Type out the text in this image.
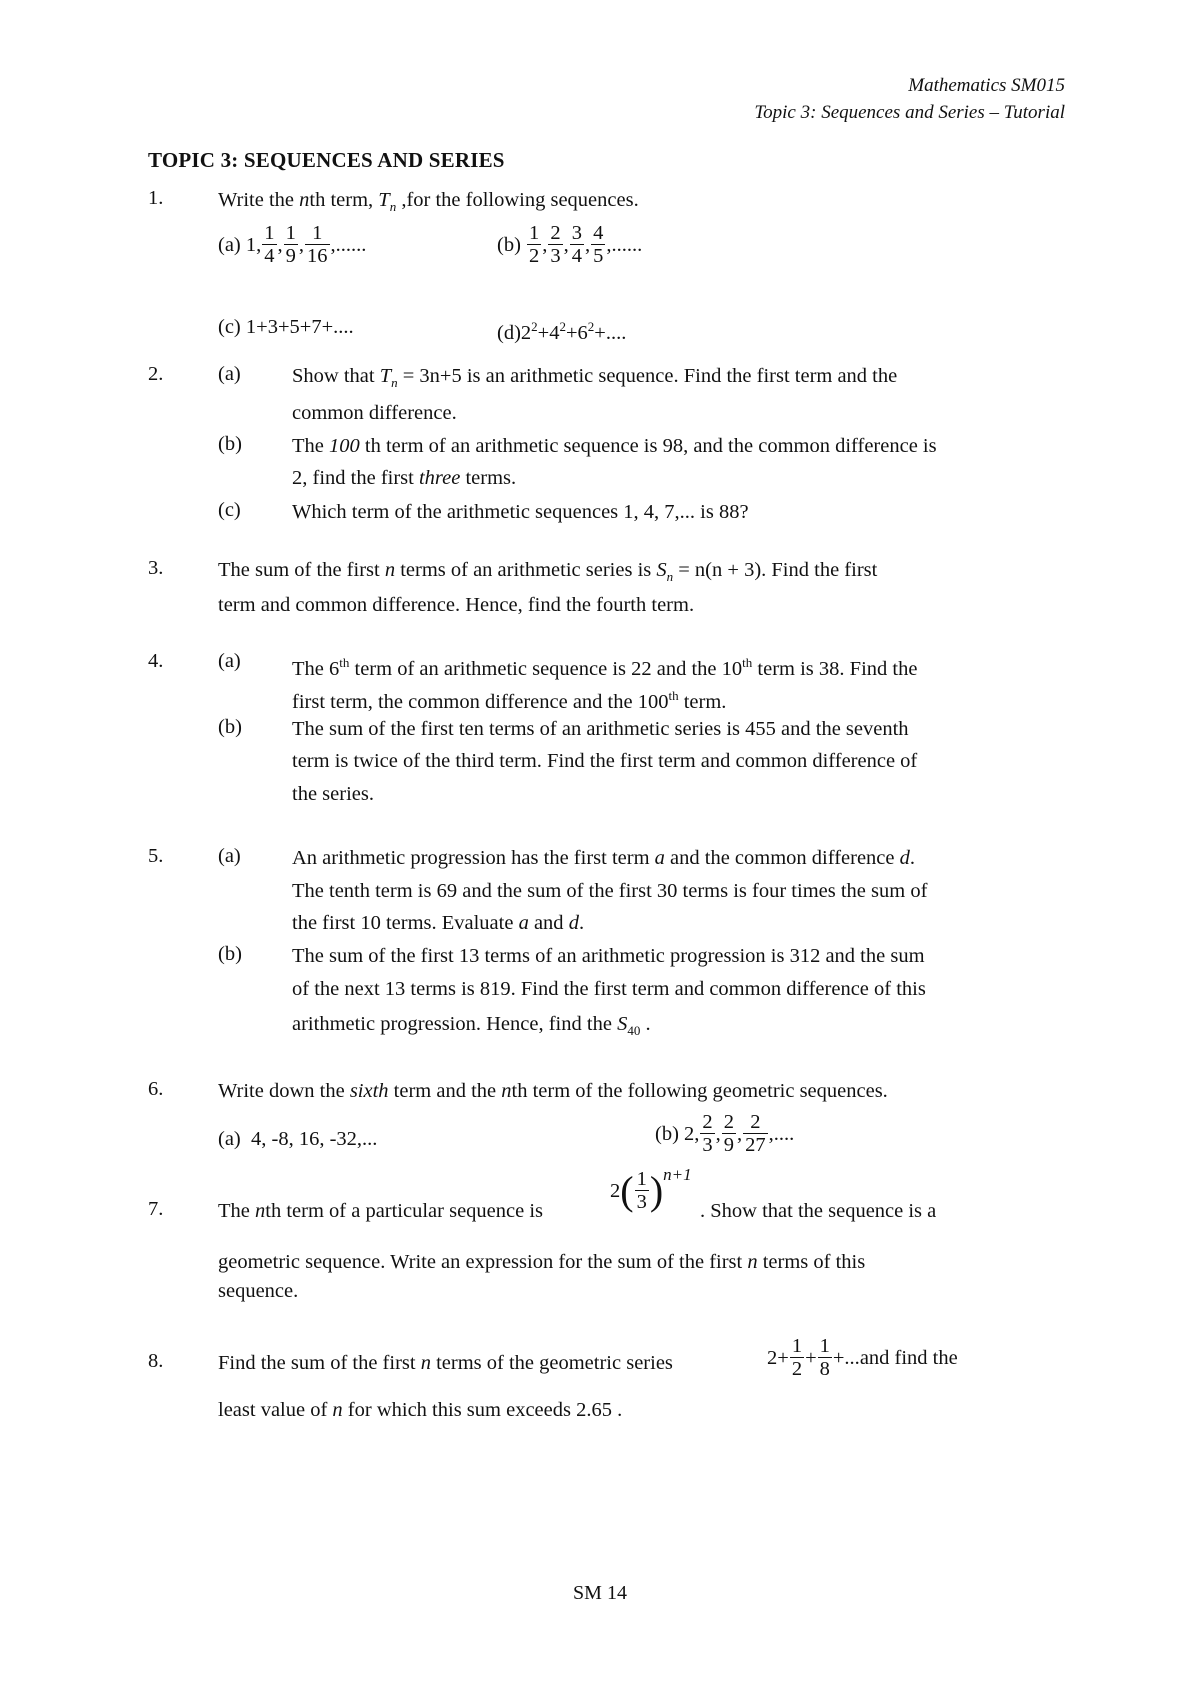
Mathematics SM015
Topic 3: Sequences and Series – Tutorial
TOPIC 3: SEQUENCES AND SERIES
1.	Write the nth term, $T_n$ ,for the following sequences.
(a)
1, $\frac{1}{4}$ , $\frac{1}{9}$ , $\frac{1}{16}$ ,......	(b)
$\frac{1}{2}$ , $\frac{2}{3}$ , $\frac{3}{4}$ , $\frac{4}{5}$ ,......
(c) 1+3+5+7+....	$(d)2^2+4^2+6^2+$....
2.	(a) Show that $T_n = 3n+5$ is an arithmetic sequence. Find the first term and the
common difference.
(b) The 100 th term of an arithmetic sequence is 98, and the common difference is
2, find the first three terms.
(c) Which term of the arithmetic sequences 1, 4, 7,... is 88?
3.	The sum of the first n terms of an arithmetic series is $S_n = n(n + 3)$. Find the first
term and common difference. Hence, find the fourth term.
4.	(a) The 6th term of an arithmetic sequence is 22 and the 10th term is 38. Find the
first term, the common difference and the 100th term.
(b) The sum of the first ten terms of an arithmetic series is 455 and the seventh
term is twice of the third term. Find the first term and common difference of
the series.
5.	(a) An arithmetic progression has the first term a and the common difference d.
The tenth term is 69 and the sum of the first 30 terms is four times the sum of
the first 10 terms. Evaluate a and d.
(b) The sum of the first 13 terms of an arithmetic progression is 312 and the sum
of the next 13 terms is 819. Find the first term and common difference of this
arithmetic progression. Hence, find the $S_{40}$ .
6.	Write down the sixth term and the nth term of the following geometric sequences.
(a) 4, -8, 16, -32,...	(b)
2, $\frac{2}{3}$ , $\frac{2}{9}$ , $\frac{2}{27}$ ,....
7.	The nth term of a particular sequence is
2 ( $\frac{1}{3}$ ) n+1
. Show that the sequence is a
geometric sequence. Write an expression for the sum of the first n terms of this
sequence.
8.	Find the sum of the first n terms of the geometric series	$2+ \frac{1}{2} + \frac{1}{8}$ +... and find the
least value of n for which this sum exceeds 2.65 .
SM 14
